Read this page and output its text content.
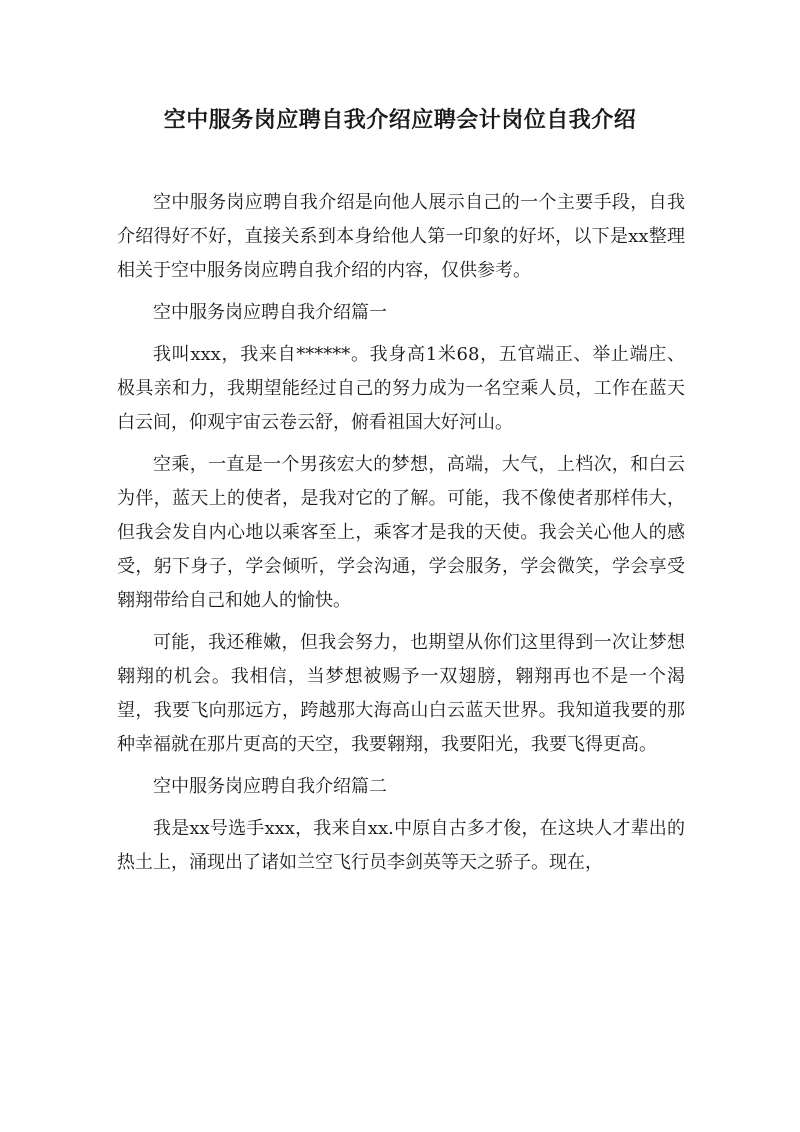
空中服务岗应聘自我介绍应聘会计岗位自我介绍

空中服务岗应聘自我介绍是向他人展示自己的一个主要手段，自我介绍得好不好，直接关系到本身给他人第一印象的好坏，以下是xx整理相关于空中服务岗应聘自我介绍的内容，仅供参考。

空中服务岗应聘自我介绍篇一

我叫xxx，我来自******。我身高1米68，五官端正、举止端庄、极具亲和力，我期望能经过自己的努力成为一名空乘人员，工作在蓝天白云间，仰观宇宙云卷云舒，俯看祖国大好河山。

空乘，一直是一个男孩宏大的梦想，高端，大气，上档次，和白云为伴，蓝天上的使者，是我对它的了解。可能，我不像使者那样伟大，但我会发自内心地以乘客至上，乘客才是我的天使。我会关心他人的感受，躬下身子，学会倾听，学会沟通，学会服务，学会微笑，学会享受翱翔带给自己和她人的愉快。

可能，我还稚嫩，但我会努力，也期望从你们这里得到一次让梦想翱翔的机会。我相信，当梦想被赐予一双翅膀，翱翔再也不是一个渴望，我要飞向那远方，跨越那大海高山白云蓝天世界。我知道我要的那种幸福就在那片更高的天空，我要翱翔，我要阳光，我要飞得更高。

空中服务岗应聘自我介绍篇二

我是xx号选手xxx，我来自xx.中原自古多才俊，在这块人才辈出的热土上，涌现出了诸如兰空飞行员李剑英等天之骄子。现在，
